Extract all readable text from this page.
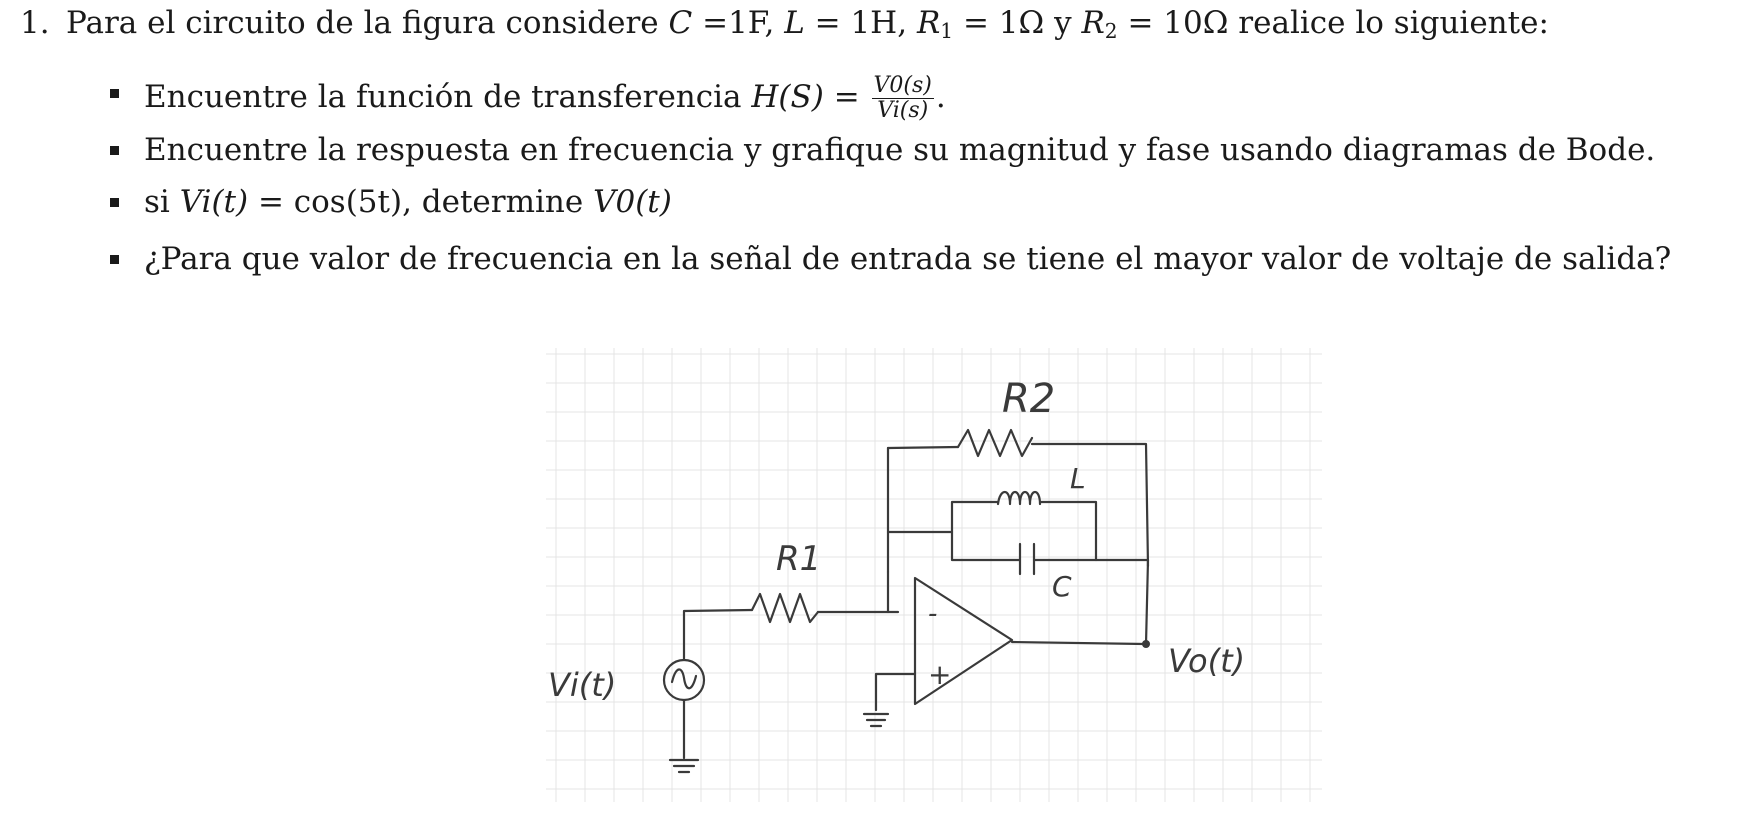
1. Para el circuito de la figura considere C =1F, L = 1H, $R_1 = 1\Omega$ y $R_2 = 10\Omega$ realice lo siguiente:
Encuentre la función de transferencia $H(S) = \frac{V0(s)}{Vi(s)}$ .
Encuentre la respuesta en frecuencia y grafique su magnitud y fase usando diagramas de Bode.
si Vi(t) = cos(5t), determine V0(t)
¿Para que valor de frecuencia en la señal de entrada se tiene el mayor valor de voltaje de salida?
R2
L
C
R1
-
+
Vi(t)
Vo(t)
